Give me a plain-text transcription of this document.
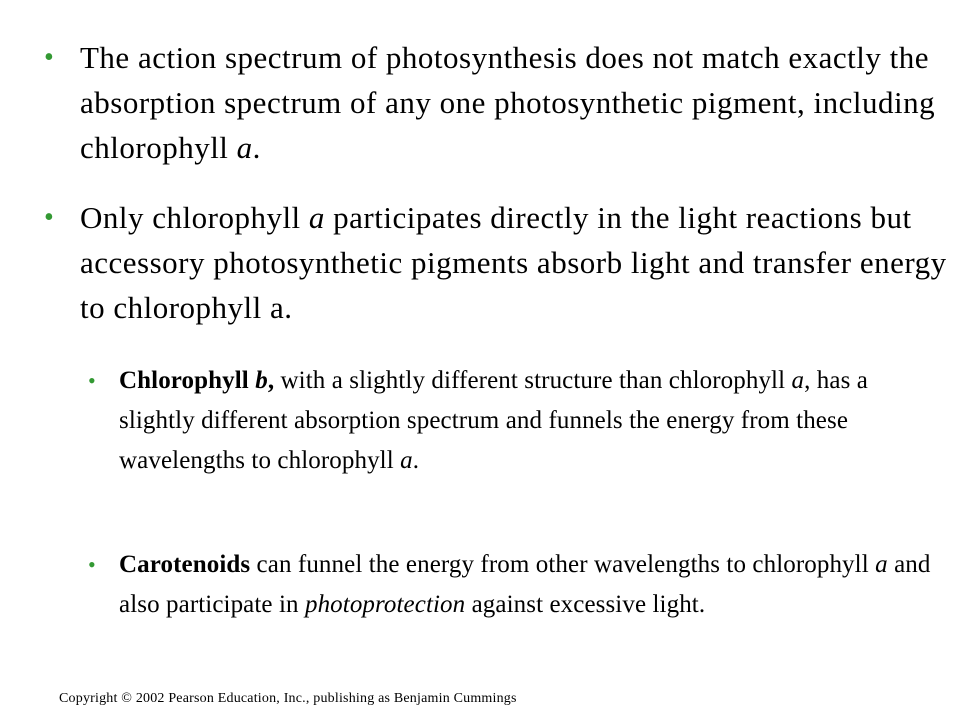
• The action spectrum of photosynthesis does not match exactly the absorption spectrum of any one photosynthetic pigment, including chlorophyll a.

• Only chlorophyll a participates directly in the light reactions but accessory photosynthetic pigments absorb light and transfer energy to chlorophyll a.

• Chlorophyll b, with a slightly different structure than chlorophyll a, has a slightly different absorption spectrum and funnels the energy from these wavelengths to chlorophyll a.

• Carotenoids can funnel the energy from other wavelengths to chlorophyll a and also participate in photoprotection against excessive light.

Copyright © 2002 Pearson Education, Inc., publishing as Benjamin Cummings
